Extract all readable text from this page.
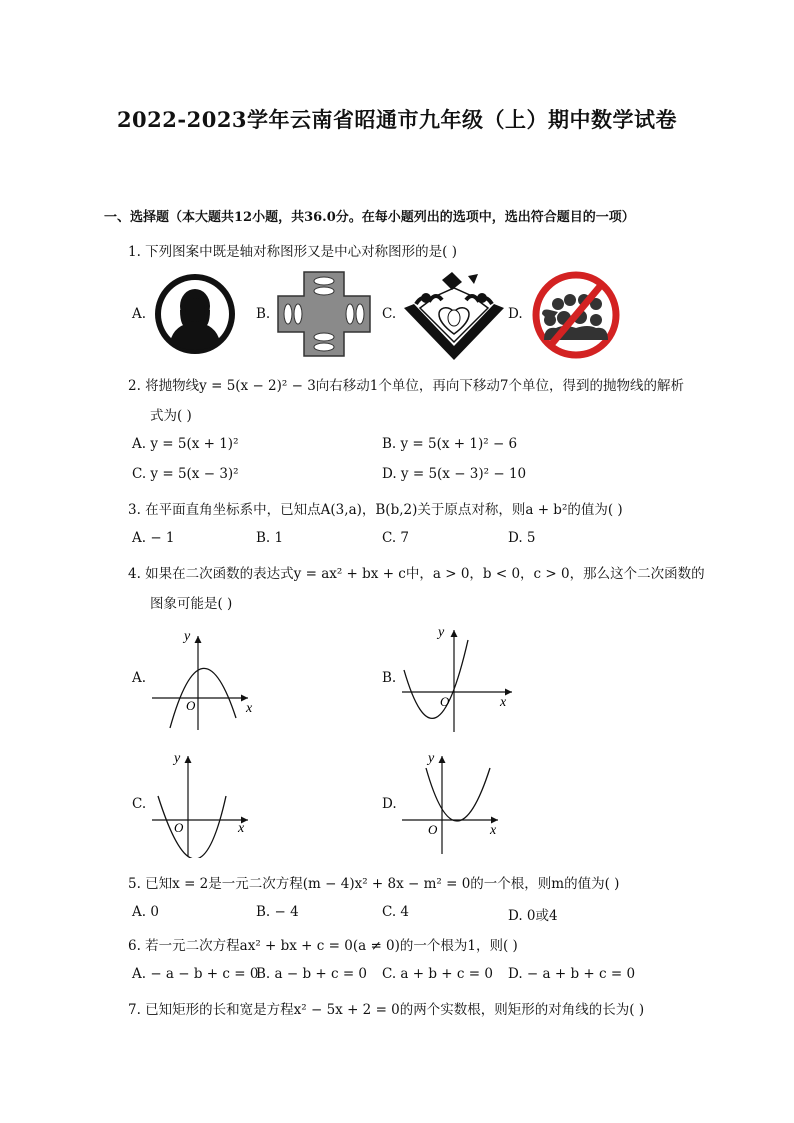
2022-2023学年云南省昭通市九年级（上）期中数学试卷
一、选择题（本大题共12小题，共36.0分。在每小题列出的选项中，选出符合题目的一项）
1. 下列图案中既是轴对称图形又是中心对称图形的是( )
A.	B.	C.	D.
2. 将抛物线y = 5(x − 2)² − 3向右移动1个单位，再向下移动7个单位，得到的抛物线的解析
式为( )
A. y = 5(x + 1)²	B. y = 5(x + 1)² − 6
C. y = 5(x − 3)²	D. y = 5(x − 3)² − 10
3. 在平面直角坐标系中，已知点A(3,a)，B(b,2)关于原点对称，则a + b²的值为( )
A. − 1	B. 1	C. 7	D. 5
4. 如果在二次函数的表达式y = ax² + bx + c中，a > 0，b < 0，c > 0，那么这个二次函数的
图象可能是( )
A.
O	x
y
B.
O	x
y
C.
O	x
y
D.
O	x
y
5. 已知x = 2是一元二次方程(m − 4)x² + 8x − m² = 0的一个根，则m的值为( )
A. 0	B. − 4	C. 4	D. 0或4
6. 若一元二次方程ax² + bx + c = 0(a ≠ 0)的一个根为1，则( )
A. − a − b + c = 0
B. a − b + c = 0 C. a + b + c = 0 D. − a + b + c = 0
7. 已知矩形的长和宽是方程x² − 5x + 2 = 0的两个实数根，则矩形的对角线的长为( )
